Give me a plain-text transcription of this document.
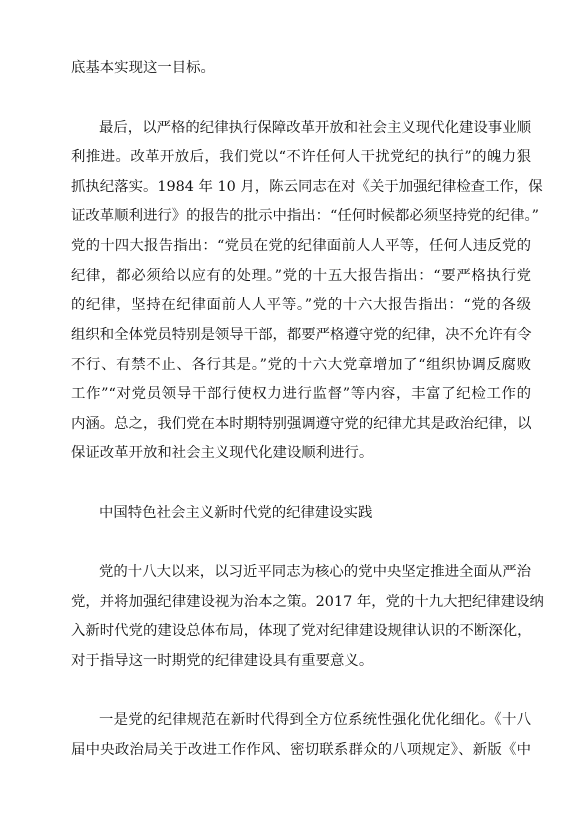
底基本实现这一目标。

最后，以严格的纪律执行保障改革开放和社会主义现代化建设事业顺

利推进。改革开放后，我们党以“不许任何人干扰党纪的执行”的魄力狠

抓执纪落实。1984 年 10 月，陈云同志在对《关于加强纪律检查工作，保

证改革顺利进行》的报告的批示中指出：“任何时候都必须坚持党的纪律。”

党的十四大报告指出：“党员在党的纪律面前人人平等，任何人违反党的

纪律，都必须给以应有的处理。”党的十五大报告指出：“要严格执行党

的纪律，坚持在纪律面前人人平等。”党的十六大报告指出：“党的各级

组织和全体党员特别是领导干部，都要严格遵守党的纪律，决不允许有令

不行、有禁不止、各行其是。”党的十六大党章增加了“组织协调反腐败

工作”“对党员领导干部行使权力进行监督”等内容，丰富了纪检工作的

内涵。总之，我们党在本时期特别强调遵守党的纪律尤其是政治纪律，以

保证改革开放和社会主义现代化建设顺利进行。

中国特色社会主义新时代党的纪律建设实践

党的十八大以来，以习近平同志为核心的党中央坚定推进全面从严治

党，并将加强纪律建设视为治本之策。2017 年，党的十九大把纪律建设纳

入新时代党的建设总体布局，体现了党对纪律建设规律认识的不断深化，

对于指导这一时期党的纪律建设具有重要意义。

一是党的纪律规范在新时代得到全方位系统性强化优化细化。《十八

届中央政治局关于改进工作作风、密切联系群众的八项规定》、新版《中
